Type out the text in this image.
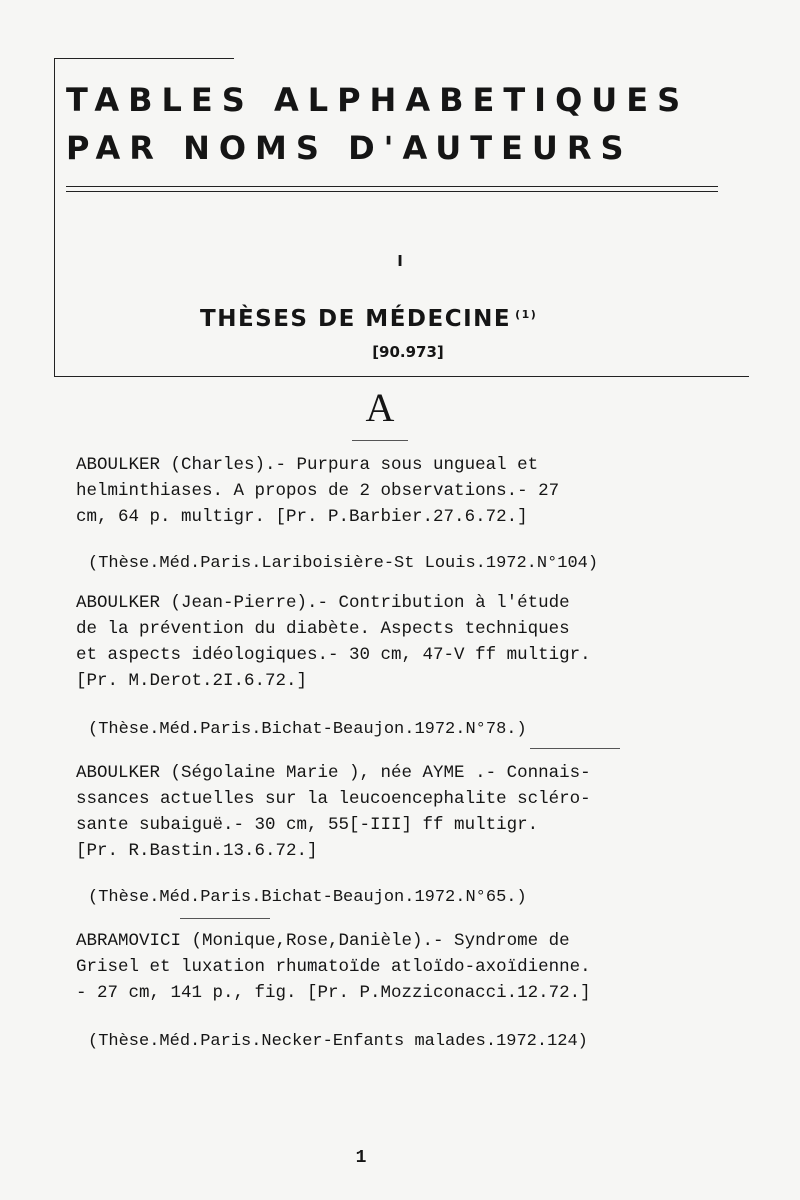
TABLES ALPHABETIQUES
PAR NOMS D'AUTEURS
I
THÈSES DE MÉDECINE $^{(1)}$
[90.973]
A
ABOULKER (Charles).- Purpura sous ungueal et
helminthiases. A propos de 2 observations.- 27
cm, 64 p. multigr. [Pr. P.Barbier.27.6.72.]
(Thèse.Méd.Paris.Lariboisière-St Louis.1972.N°104)
ABOULKER (Jean-Pierre).- Contribution à l'étude
de la prévention du diabète. Aspects techniques
et aspects idéologiques.- 30 cm, 47-V ff multigr.
[Pr. M.Derot.2I.6.72.]
(Thèse.Méd.Paris.Bichat-Beaujon.1972.N°78.)
ABOULKER (Ségolaine Marie ), née AYME .- Connais-
ssances actuelles sur la leucoencephalite scléro-
sante subaiguë.- 30 cm, 55[-III] ff multigr.
[Pr. R.Bastin.13.6.72.]
(Thèse.Méd.Paris.Bichat-Beaujon.1972.N°65.)
ABRAMOVICI (Monique,Rose,Danièle).- Syndrome de
Grisel et luxation rhumatoïde atloïdo-axoïdienne.
- 27 cm, 141 p., fig. [Pr. P.Mozziconacci.12.72.]
(Thèse.Méd.Paris.Necker-Enfants malades.1972.124)
1
